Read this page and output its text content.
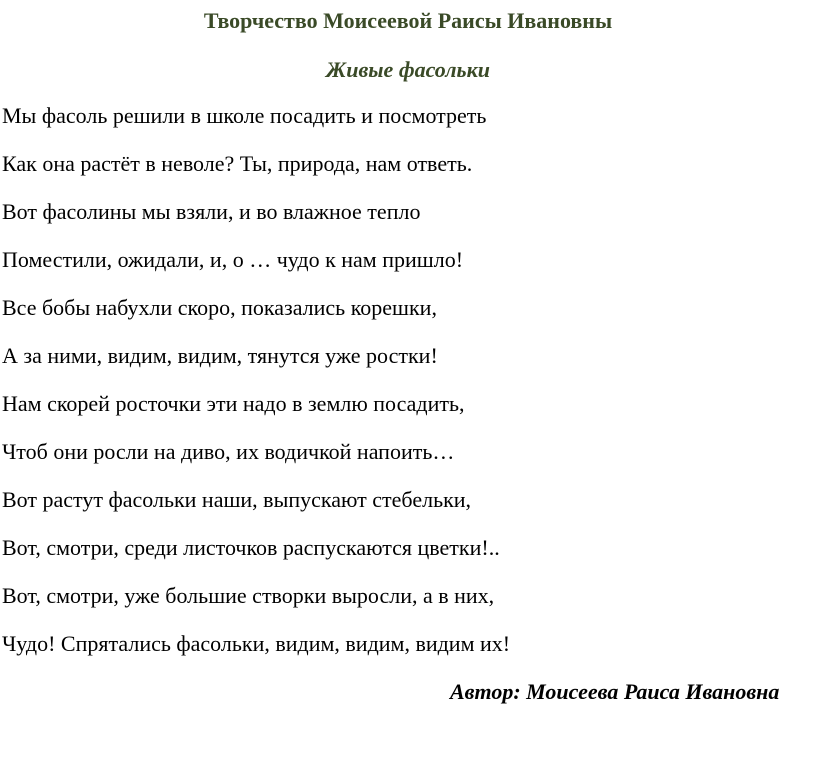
Творчество Моисеевой Раисы Ивановны
Живые фасольки
Мы фасоль решили в школе посадить и посмотреть
Как она растёт в неволе? Ты, природа, нам ответь.
Вот фасолины мы взяли, и во влажное тепло
Поместили, ожидали, и, о … чудо к нам пришло!
Все бобы набухли скоро, показались корешки,
А за ними, видим, видим, тянутся уже ростки!
Нам скорей росточки эти надо в землю посадить,
Чтоб они росли на диво, их водичкой напоить…
Вот растут фасольки наши, выпускают стебельки,
Вот, смотри, среди листочков распускаются цветки!..
Вот, смотри, уже большие створки выросли, а в них,
Чудо! Спрятались фасольки, видим, видим, видим их!
Автор: Моисеева Раиса Ивановна
